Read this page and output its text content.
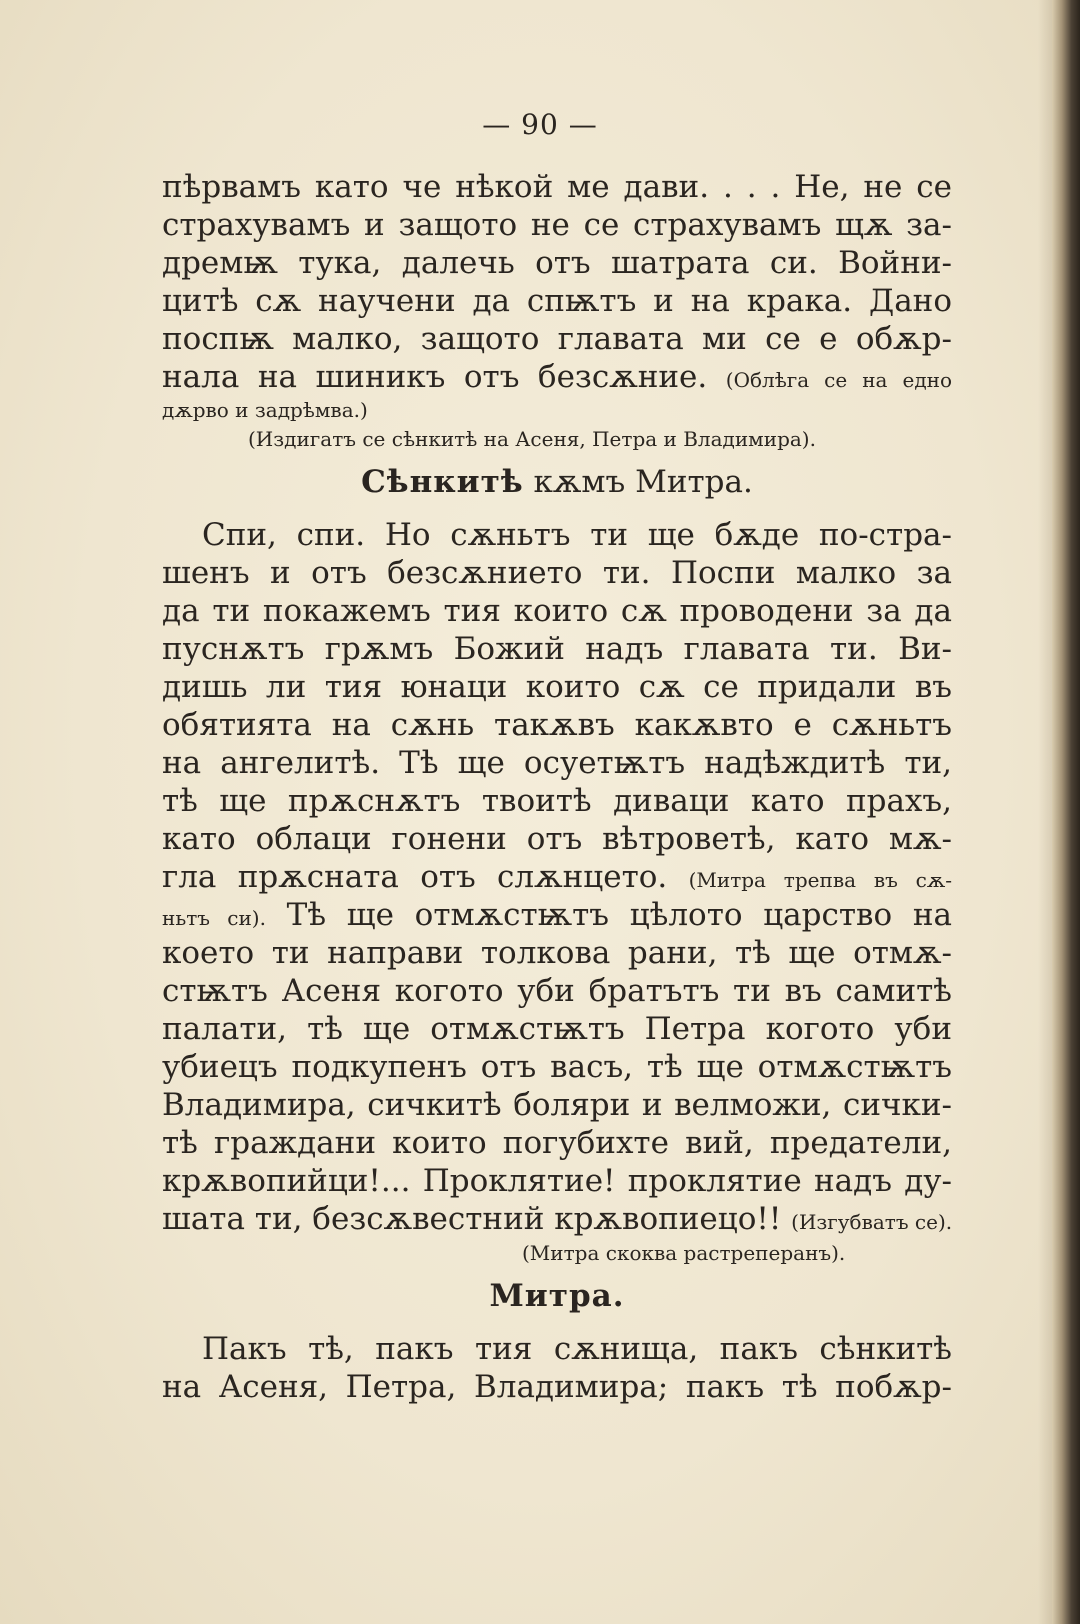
— 90 —
пѣрвамъ като че нѣкой ме дави. . . . Не, не се
страхувамъ и защото не се страхувамъ щѫ за-
дремѭ тука, далечь отъ шатрата си. Войни-
цитѣ сѫ научени да спѭтъ и на крака. Дано
поспѭ малко, защото главата ми се е обѫр-
нала на шиникъ отъ безсѫние. (Облѣга се на едно
дѫрво и задрѣмва.)
(Издигатъ се сѣнкитѣ на Асеня, Петра и Владимира).
Сѣнкитѣ кѫмъ Митра.
Спи, спи. Но сѫньтъ ти ще бѫде по-стра-
шенъ и отъ безсѫнието ти. Поспи малко за
да ти покажемъ тия които сѫ проводени за да
пуснѫтъ грѫмъ Божий надъ главата ти. Ви-
дишь ли тия юнаци които сѫ се придали въ
обятията на сѫнь такѫвъ какѫвто е сѫньтъ
на ангелитѣ. Тѣ ще осуетѭтъ надѣждитѣ ти,
тѣ ще прѫснѫтъ твоитѣ диваци като прахъ,
като облаци гонени отъ вѣтроветѣ, като мѫ-
гла прѫсната отъ слѫнцето. (Митра трепва въ сѫ-
ньтъ си). Тѣ ще отмѫстѭтъ цѣлото царство на
което ти направи толкова рани, тѣ ще отмѫ-
стѭтъ Асеня когото уби братътъ ти въ самитѣ
палати, тѣ ще отмѫстѭтъ Петра когото уби
убиецъ подкупенъ отъ васъ, тѣ ще отмѫстѭтъ
Владимира, сичкитѣ боляри и велможи, сички-
тѣ граждани които погубихте вий, предатели,
крѫвопийци!... Проклятие! проклятие надъ ду-
шата ти, безсѫвестний крѫвопиецо!! (Изгубватъ се).
(Митра скоква растреперанъ).
Митра.
Пакъ тѣ, пакъ тия сѫнища, пакъ сѣнкитѣ
на Асеня, Петра, Владимира; пакъ тѣ побѫр-
